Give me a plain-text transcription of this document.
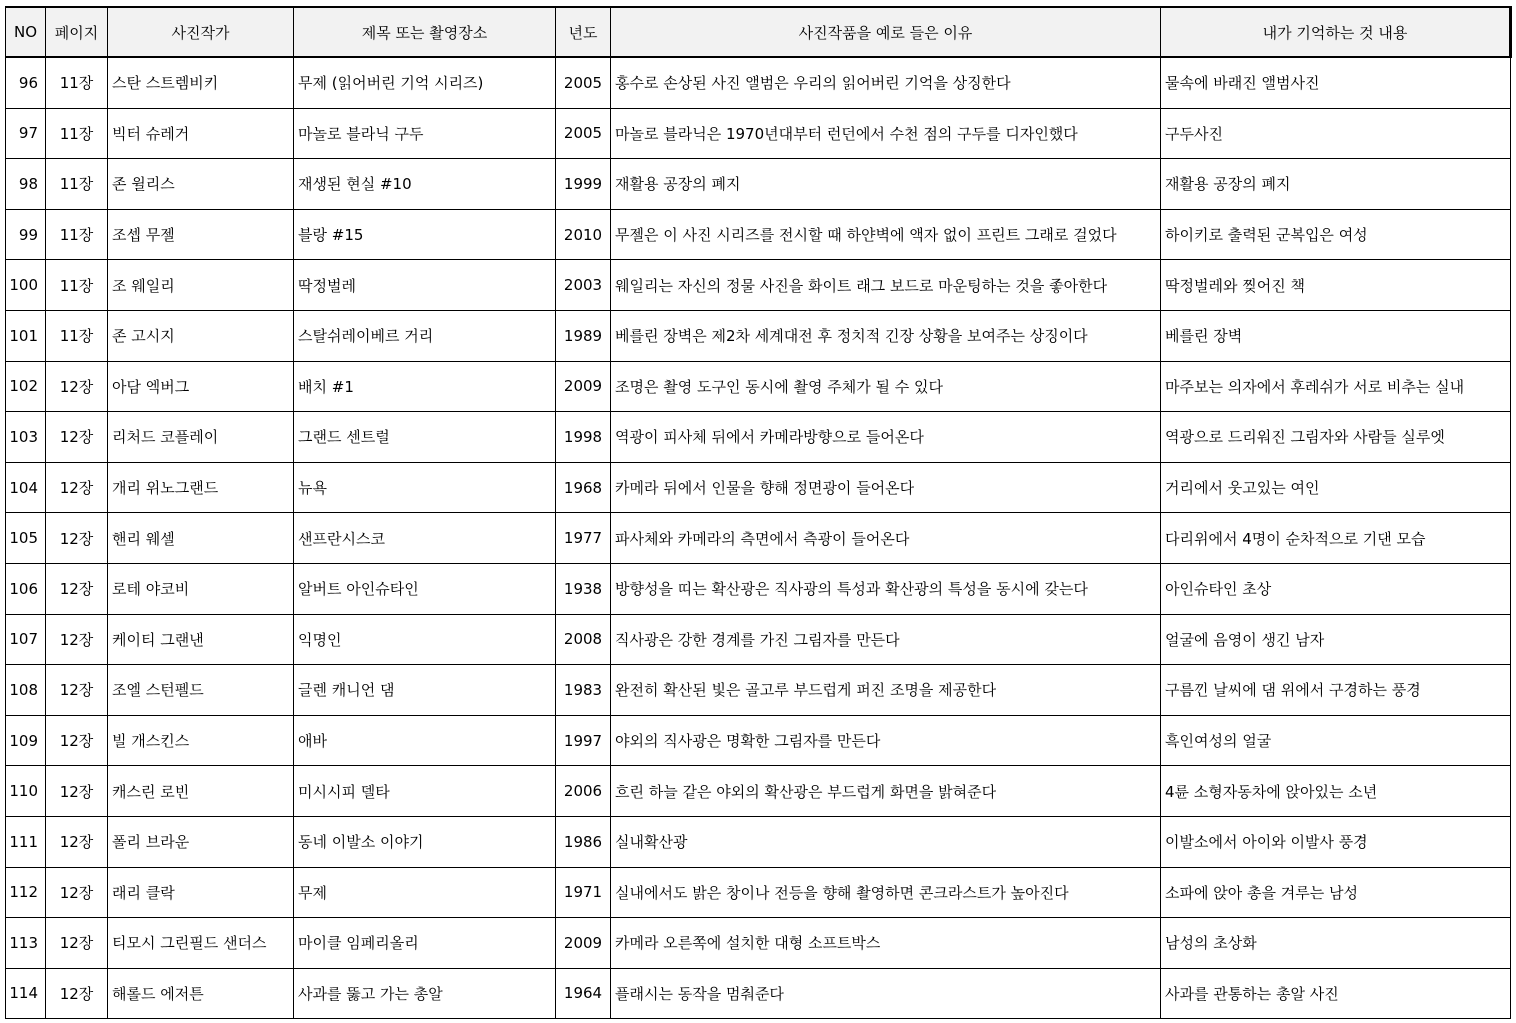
NO	페이지	사진작가	제목 또는 촬영장소	년도	사진작품을 예로 들은 이유	내가 기억하는 것 내용
96	11장	스탄 스트렘비키	무제 (읽어버린 기억 시리즈)	2005	홍수로 손상된 사진 앨범은 우리의 읽어버린 기억을 상징한다	물속에 바래진 앨범사진
97	11장	빅터 슈레거	마놀로 블라닉 구두	2005	마놀로 블라닉은 1970년대부터 런던에서 수천 점의 구두를 디자인했다	구두사진
98	11장	존 윌리스	재생된 현실 #10	1999	재활용 공장의 폐지	재활용 공장의 폐지
99	11장	조셉 무젤	블랑 #15	2010	무젤은 이 사진 시리즈를 전시할 때 하얀벽에 액자 없이 프린트 그래로 걸었다	하이키로 출력된 군복입은 여성
100	11장	조 웨일리	딱정벌레	2003	웨일리는 자신의 정물 사진을 화이트 래그 보드로 마운팅하는 것을 좋아한다	딱정벌레와 찢어진 책
101	11장	존 고시지	스탈쉬레이베르 거리	1989	베를린 장벽은 제2차 세계대전 후 정치적 긴장 상황을 보여주는 상징이다	베를린 장벽
102	12장	아담 엑버그	배치 #1	2009	조명은 촬영 도구인 동시에 촬영 주체가 될 수 있다	마주보는 의자에서 후레쉬가 서로 비추는 실내
103	12장	리처드 코플레이	그랜드 센트럴	1998	역광이 피사체 뒤에서 카메라방향으로 들어온다	역광으로 드리워진 그림자와 사람들 실루엣
104	12장	개리 위노그랜드	뉴욕	1968	카메라 뒤에서 인물을 향해 정면광이 들어온다	거리에서 웃고있는 여인
105	12장	핸리 웨셀	샌프란시스코	1977	파사체와 카메라의 측면에서 측광이 들어온다	다리위에서 4명이 순차적으로 기댄 모습
106	12장	로테 야코비	알버트 아인슈타인	1938	방향성을 띠는 확산광은 직사광의 특성과 확산광의 특성을 동시에 갖는다	아인슈타인 초상
107	12장	케이티 그랜낸	익명인	2008	직사광은 강한 경계를 가진 그림자를 만든다	얼굴에 음영이 생긴 남자
108	12장	조엘 스턴펠드	글렌 캐니언 댐	1983	완전히 확산된 빛은 골고루 부드럽게 퍼진 조명을 제공한다	구름낀 날씨에 댐 위에서 구경하는 풍경
109	12장	빌 개스킨스	애바	1997	야외의 직사광은 명확한 그림자를 만든다	흑인여성의 얼굴
110	12장	캐스린 로빈	미시시피 델타	2006	흐린 하늘 같은 야외의 확산광은 부드럽게 화면을 밝혀준다	4륜 소형자동차에 앉아있는 소년
111	12장	폴리 브라운	동네 이발소 이야기	1986	실내확산광	이발소에서 아이와 이발사 풍경
112	12장	래리 클락	무제	1971	실내에서도 밝은 창이나 전등을 향해 촬영하면 콘크라스트가 높아진다	소파에 앉아 총을 겨루는 남성
113	12장	티모시 그린필드 샌더스	마이클 임페리올리	2009	카메라 오른쪽에 설치한 대형 소프트박스	남성의 초상화
114	12장	해롤드 에저튼	사과를 뚫고 가는 총알	1964	플래시는 동작을 멈춰준다	사과를 관통하는 총알 사진
